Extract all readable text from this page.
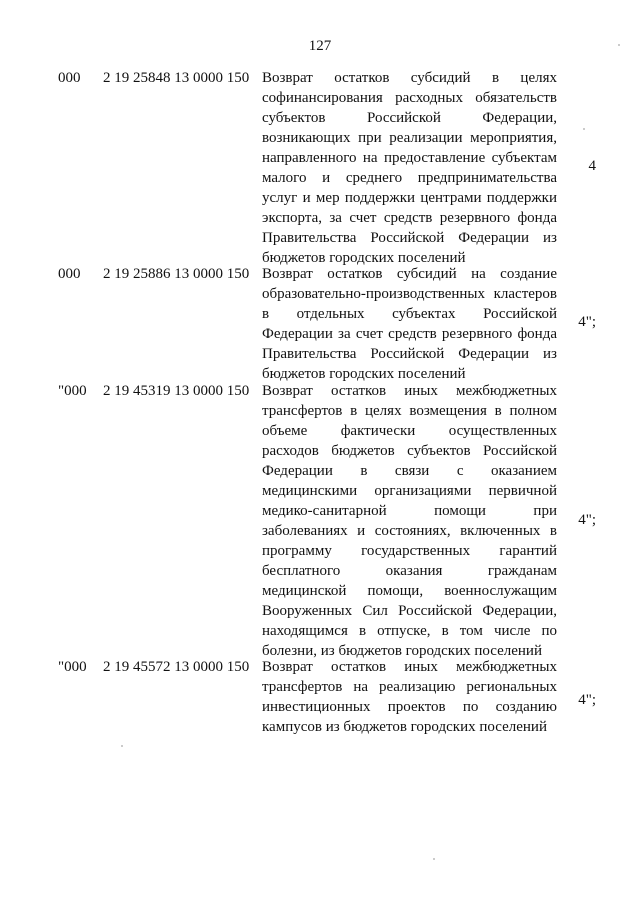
127
000 2 19 25848 13 0000 150 Возврат остатков субсидий в целях
софинансирования расходных обязательств
субъектов Российской Федерации,
возникающих при реализации мероприятия,
направленного на предоставление субъектам
малого и среднего предпринимательства
услуг и мер поддержки центрами поддержки
экспорта, за счет средств резервного фонда
Правительства Российской Федерации из
бюджетов городских поселений

4
000 2 19 25886 13 0000 150 Возврат остатков субсидий на создание
образовательно-производственных кластеров
в отдельных субъектах Российской
Федерации за счет средств резервного фонда
Правительства Российской Федерации из
бюджетов городских поселений

4";
"000 2 19 45319 13 0000 150 Возврат остатков иных межбюджетных
трансфертов в целях возмещения в полном
объеме фактически осуществленных
расходов бюджетов субъектов Российской
Федерации в связи с оказанием
медицинскими организациями первичной
медико-санитарной помощи при
заболеваниях и состояниях, включенных в
программу государственных гарантий
бесплатного оказания гражданам
медицинской помощи, военнослужащим
Вооруженных Сил Российской Федерации,
находящимся в отпуске, в том числе по
болезни, из бюджетов городских поселений

4";
"000 2 19 45572 13 0000 150 Возврат остатков иных межбюджетных
трансфертов на реализацию региональных
инвестиционных проектов по созданию
кампусов из бюджетов городских поселений

4";
